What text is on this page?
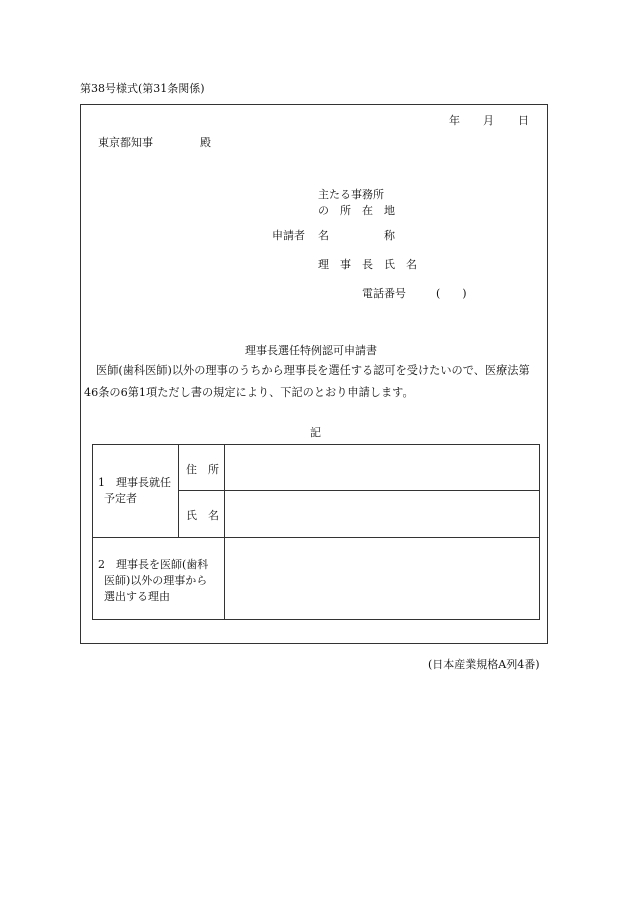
第38号様式(第31条関係)
年 月 日
東京都知事	殿
主たる事務所
の　所　在　地
申請者 名　　　　　称
理　事　長　氏　名
電話番号	(　　)
理事長選任特例認可申請書
医師(歯科医師)以外の理事のうちから理事長を選任する認可を受けたいので、医療法第
46条の6第1項ただし書の規定により、下記のとおり申請します。
記
1　理事長就任
予定者
住　所
氏　名
2　理事長を医師(歯科
医師)以外の理事から
選出する理由
(日本産業規格A列4番)
